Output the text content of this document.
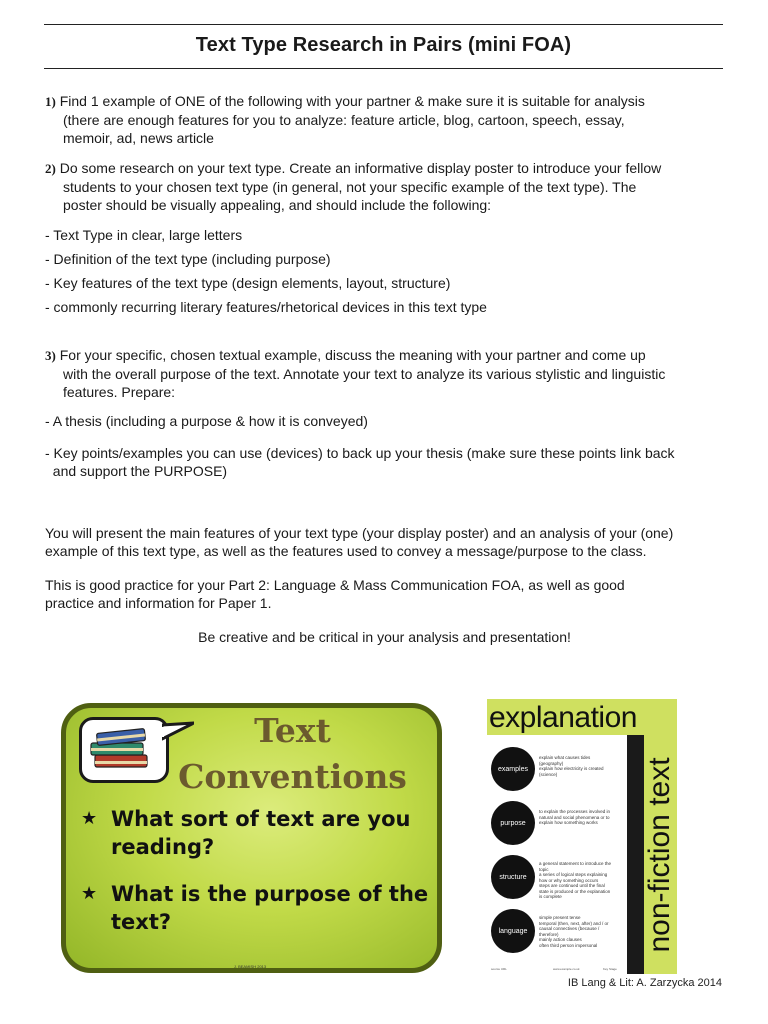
Text Type Research in Pairs (mini FOA)
1) Find 1 example of ONE of the following with your partner & make sure it is suitable for analysis
(there are enough features for you to analyze: feature article, blog, cartoon, speech, essay,
memoir, ad, news article
2) Do some research on your text type. Create an informative display poster to introduce your fellow
students to your chosen text type (in general, not your specific example of the text type). The
poster should be visually appealing, and should include the following:
- Text Type in clear, large letters
- Definition of the text type (including purpose)
- Key features of the text type (design elements, layout, structure)
- commonly recurring literary features/rhetorical devices in this text type
3) For your specific, chosen textual example, discuss the meaning with your partner and come up
with the overall purpose of the text. Annotate your text to analyze its various stylistic and linguistic
features. Prepare:
- A thesis (including a purpose & how it is conveyed)
- Key points/examples you can use (devices) to back up your thesis (make sure these points link back
and support the PURPOSE)
You will present the main features of your text type (your display poster) and an analysis of your (one)
example of this text type, as well as the features used to convey a message/purpose to the class.
This is good practice for your Part 2: Language & Mass Communication FOA, as well as good
practice and information for Paper 1.
Be creative and be critical in your analysis and presentation!
Text
Conventions
★ What sort of text are you
reading?
★ What is the purpose of the
text?
J. BEAMISH 2013
explanation
non-fiction text
examples
explain what causes tides
(geography)
explain how electricity is created
(science)
purpose
to explain the processes involved in
natural and social phenomena or to
explain how something works
structure
a general statement to introduce the
topic
a series of logical steps explaining
how or why something occurs
steps are continued until the final
state is produced or the explanation
is complete
language
simple present tense
temporal (then, next, after) and / or
causal connectives (because /
therefore)
mainly action clauses
often third person impersonal
source URL	www.example.co.uk	Key Stage
IB Lang & Lit: A. Zarzycka 2014
